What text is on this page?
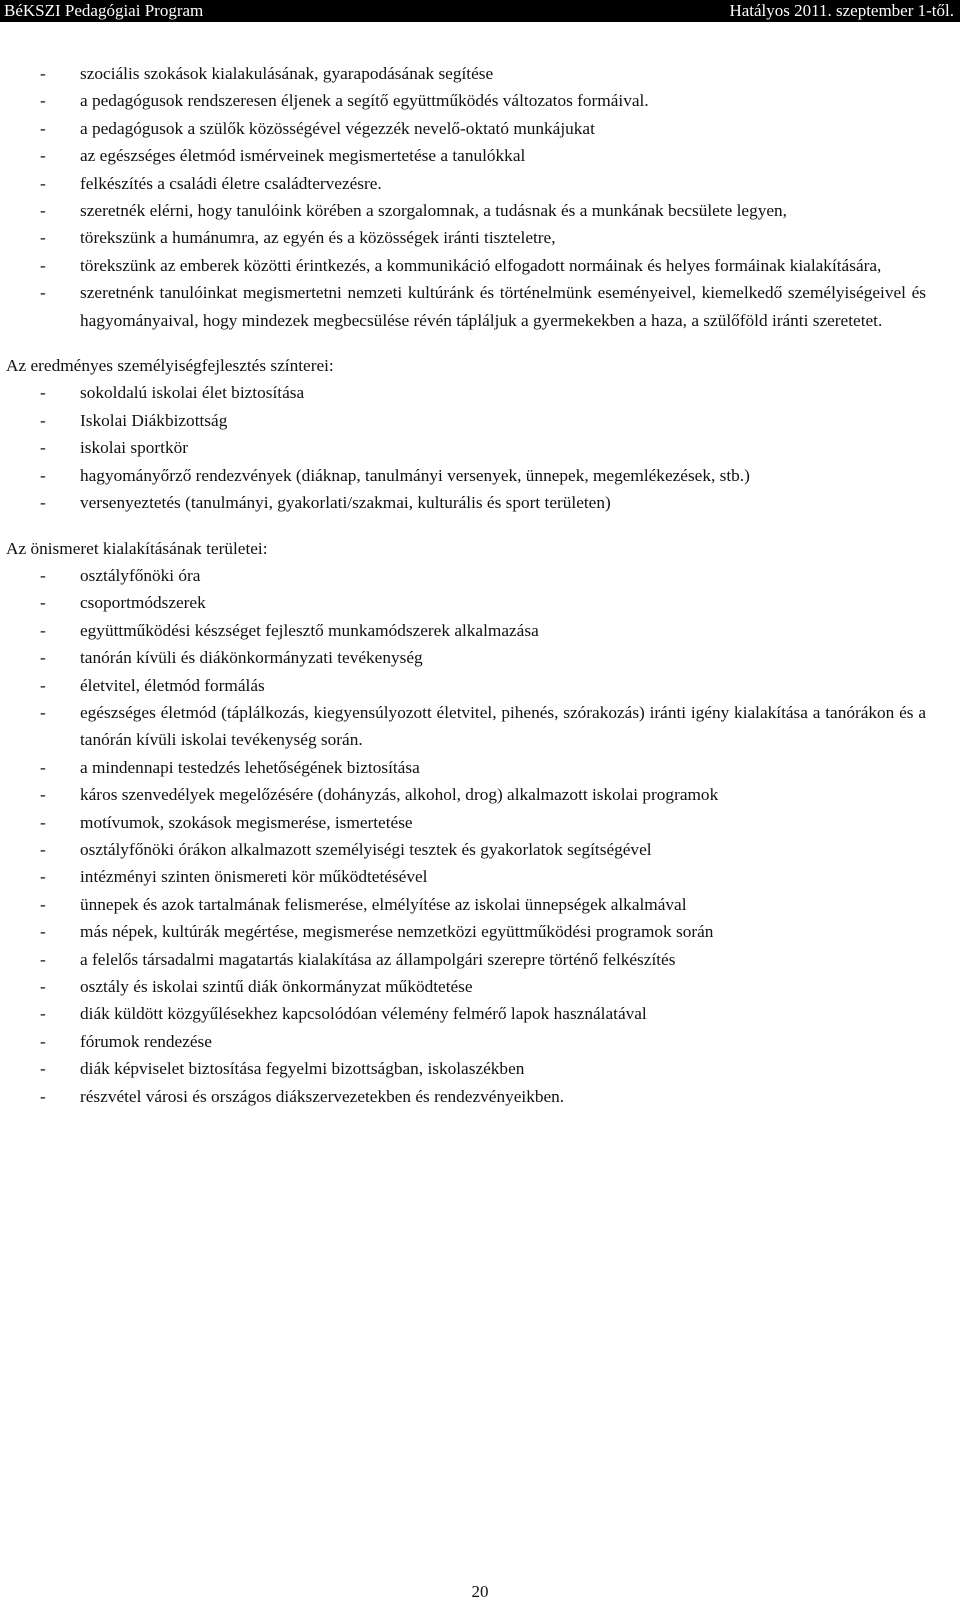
BéKSZI Pedagógiai Program	Hatályos 2011. szeptember 1-től.
- szociális szokások kialakulásának, gyarapodásának segítése
- a pedagógusok rendszeresen éljenek a segítő együttműködés változatos formáival.
- a pedagógusok a szülők közösségével végezzék nevelő-oktató munkájukat
- az egészséges életmód ismérveinek megismertetése a tanulókkal
- felkészítés a családi életre családtervezésre.
- szeretnék elérni, hogy tanulóink körében a szorgalomnak, a tudásnak és a munkának becsülete legyen,
- törekszünk a humánumra, az egyén és a közösségek iránti tiszteletre,
- törekszünk az emberek közötti érintkezés, a kommunikáció elfogadott normáinak és helyes formáinak kialakítására,
- szeretnénk tanulóinkat megismertetni nemzeti kultúránk és történelmünk eseményeivel, kiemelkedő személyiségeivel és hagyományaival, hogy mindezek megbecsülése révén tápláljuk a gyermekekben a haza, a szülőföld iránti szeretetet.
Az eredményes személyiségfejlesztés színterei:
- sokoldalú iskolai élet biztosítása
- Iskolai Diákbizottság
- iskolai sportkör
- hagyományőrző rendezvények (diáknap, tanulmányi versenyek, ünnepek, megemlékezések, stb.)
- versenyeztetés (tanulmányi, gyakorlati/szakmai, kulturális és sport területen)
Az önismeret kialakításának területei:
- osztályfőnöki óra
- csoportmódszerek
- együttműködési készséget fejlesztő munkamódszerek alkalmazása
- tanórán kívüli és diákönkormányzati tevékenység
- életvitel, életmód formálás
- egészséges életmód (táplálkozás, kiegyensúlyozott életvitel, pihenés, szórakozás) iránti igény kialakítása a tanórákon és a tanórán kívüli iskolai tevékenység során.
- a mindennapi testedzés lehetőségének biztosítása
- káros szenvedélyek megelőzésére (dohányzás, alkohol, drog) alkalmazott iskolai programok
- motívumok, szokások megismerése, ismertetése
- osztályfőnöki órákon alkalmazott személyiségi tesztek és gyakorlatok segítségével
- intézményi szinten önismereti kör működtetésével
- ünnepek és azok tartalmának felismerése, elmélyítése az iskolai ünnepségek alkalmával
- más népek, kultúrák megértése, megismerése nemzetközi együttműködési programok során
- a felelős társadalmi magatartás kialakítása az állampolgári szerepre történő felkészítés
- osztály és iskolai szintű diák önkormányzat működtetése
- diák küldött közgyűlésekhez kapcsolódóan vélemény felmérő lapok használatával
- fórumok rendezése
- diák képviselet biztosítása fegyelmi bizottságban, iskolaszékben
- részvétel városi és országos diákszervezetekben és rendezvényeikben.
20
